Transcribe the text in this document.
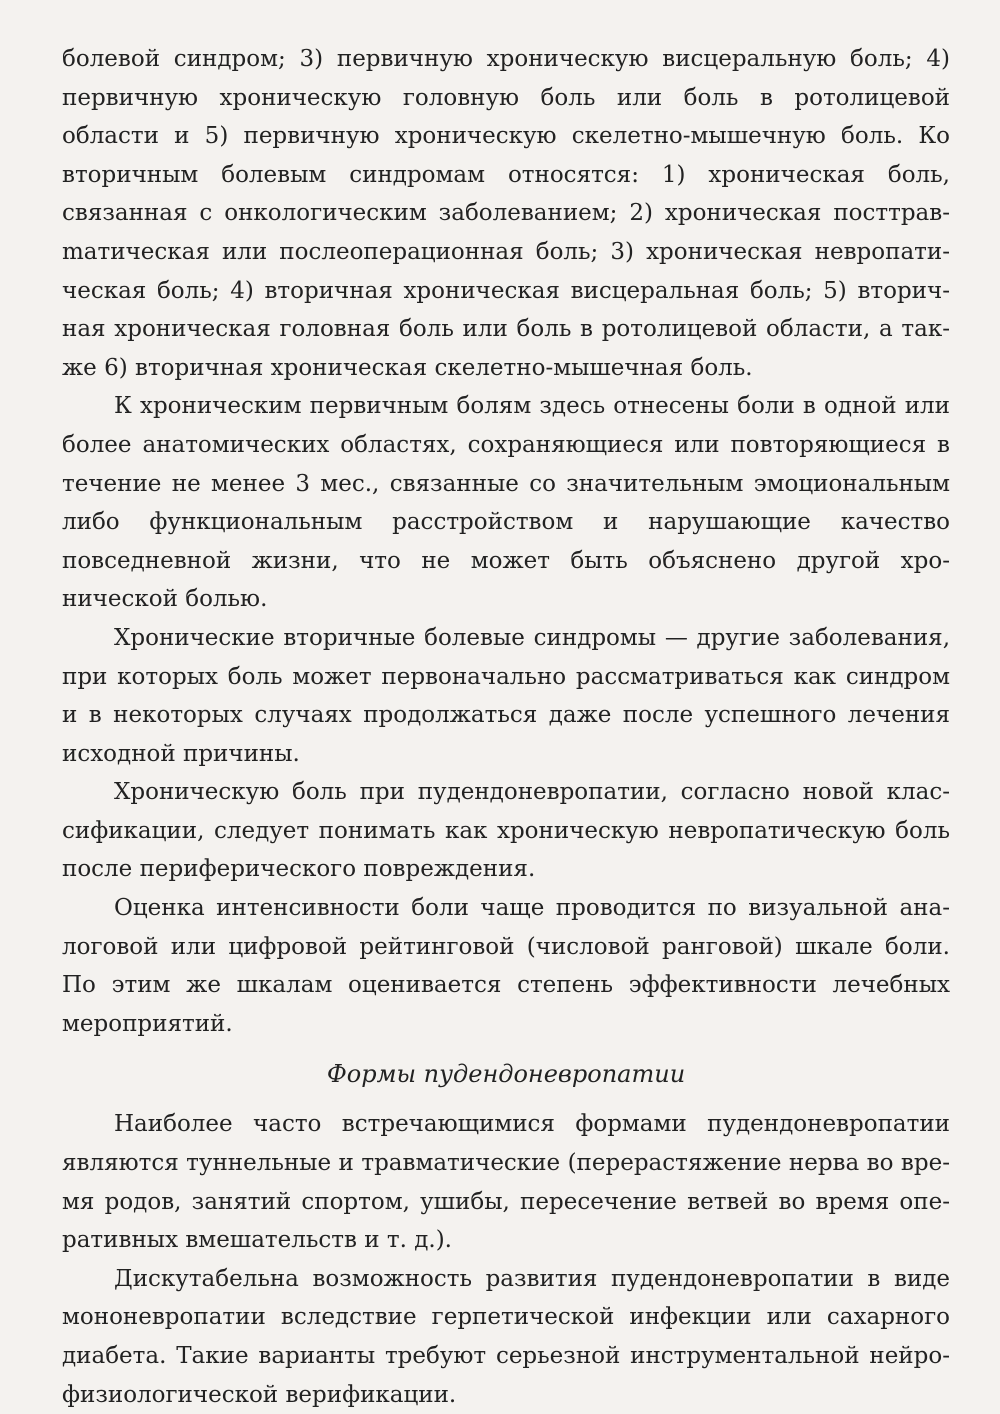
болевой синдром; 3) первичную хроническую висцеральную боль; 4) первичную хроническую головную боль или боль в ротолицевой области и 5) первичную хроническую скелетно-мышечную боль. Ко вторичным болевым синдромам относятся: 1) хроническая боль, связанная с онкологическим заболеванием; 2) хроническая посттравmатическая или послеоперационная боль; 3) хроническая невропатическая боль; 4) вторичная хроническая висцеральная боль; 5) вторичная хроническая головная боль или боль в ротолицевой области, а также 6) вторичная хроническая скелетно-мышечная боль.

К хроническим первичным болям здесь отнесены боли в одной или более анатомических областях, сохраняющиеся или повторяющиеся в течение не менее 3 мес., связанные со значительным эмоциональным либо функциональным расстройством и нарушающие качество повседневной жизни, что не может быть объяснено другой хронической болью.

Хронические вторичные болевые синдромы — другие заболевания, при которых боль может первоначально рассматриваться как синдром и в некоторых случаях продолжаться даже после успешного лечения исходной причины.

Хроническую боль при пудендоневропатии, согласно новой классификации, следует понимать как хроническую невропатическую боль после периферического повреждения.

Оценка интенсивности боли чаще проводится по визуальной аналоговой или цифровой рейтинговой (числовой ранговой) шкале боли. По этим же шкалам оценивается степень эффективности лечебных мероприятий.

Формы пудендоневропатии

Наиболее часто встречающимися формами пудендоневропатии являются туннельные и травматические (перерастяжение нерва во время родов, занятий спортом, ушибы, пересечение ветвей во время оперативных вмешательств и т. д.).

Дискутабельна возможность развития пудендоневропатии в виде мононевропатии вследствие герпетической инфекции или сахарного диабета. Такие варианты требуют серьезной инструментальной нейрофизиологической верификации.
